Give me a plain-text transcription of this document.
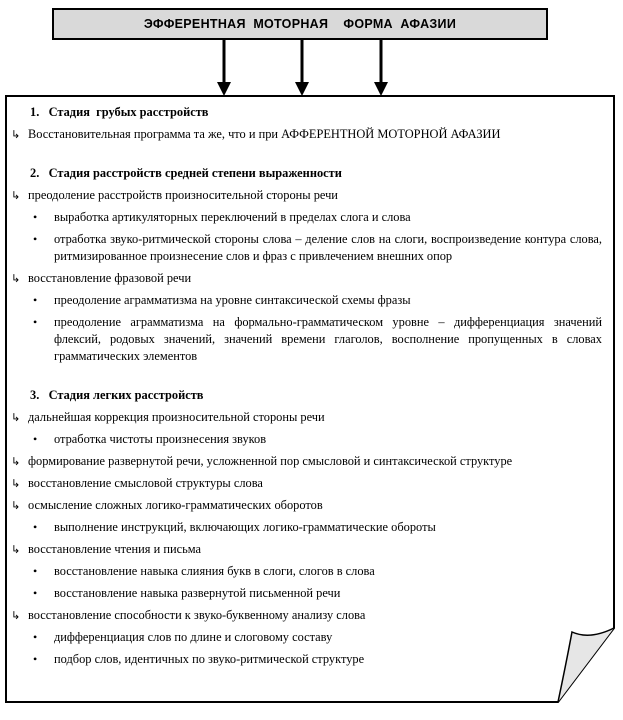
ЭФФЕРЕНТНАЯ  МОТОРНАЯ    ФОРМА  АФАЗИИ

1. Стадия  грубых расстройств

↳ Восстановительная программа та же, что и при АФФЕРЕНТНОЙ МОТОРНОЙ АФАЗИИ

2. Стадия расстройств средней степени выраженности

↳ преодоление расстройств произносительной стороны речи

• выработка артикуляторных переключений в пределах слога и слова

• отработка звуко-ритмической стороны слова – деление слов на слоги, воспроизведение контура слова, ритмизированное произнесение слов и фраз с привлечением внешних опор

↳ восстановление фразовой речи

• преодоление аграмматизма на уровне синтаксической схемы фразы

• преодоление аграмматизма на формально-грамматическом уровне – дифференциация значений флексий, родовых значений, значений времени глаголов, восполнение пропущенных в словах грамматических элементов

3. Стадия легких расстройств

↳ дальнейшая коррекция произносительной стороны речи

• отработка чистоты произнесения звуков

↳ формирование развернутой речи, усложненной пор смысловой и синтаксической структуре

↳ восстановление смысловой структуры слова

↳ осмысление сложных логико-грамматических оборотов

• выполнение инструкций, включающих логико-грамматические обороты

↳ восстановление чтения и письма

• восстановление навыка слияния букв в слоги, слогов в слова

• восстановление навыка развернутой письменной речи

↳ восстановление способности к звуко-буквенному анализу слова

• дифференциация слов по длине и слоговому составу

• подбор слов, идентичных по звуко-ритмической структуре
